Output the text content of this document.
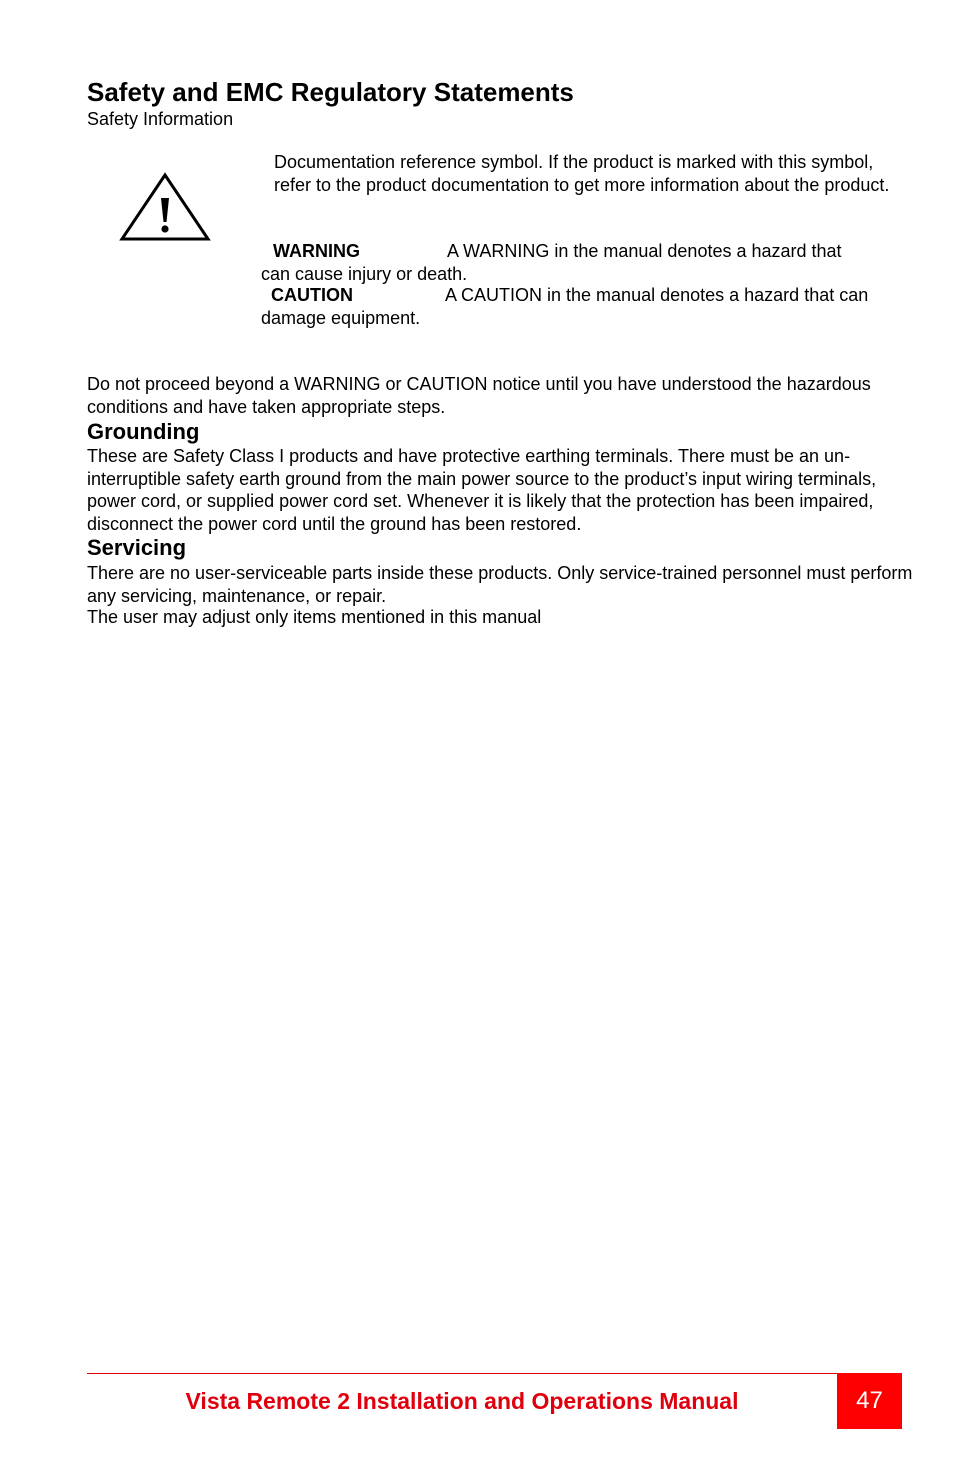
Safety and EMC Regulatory Statements
Safety Information
Documentation reference symbol. If the product is marked with this symbol, refer to the product documentation to get more information about the product.
WARNING	A WARNING in the manual denotes a hazard that
can cause injury or death.
CAUTION	A CAUTION in the manual denotes a hazard that can
damage equipment.
Do not proceed beyond a WARNING or CAUTION notice until you have understood the hazardous conditions and have taken appropriate steps.
Grounding
These are Safety Class I products and have protective earthing terminals. There must be an un-interruptible safety earth ground from the main power source to the product’s input wiring terminals, power cord, or supplied power cord set. Whenever it is likely that the protection has been impaired, disconnect the power cord until the ground has been restored.
Servicing
There are no user-serviceable parts inside these products. Only service-trained personnel must perform any servicing, maintenance, or repair.
The user may adjust only items mentioned in this manual
Vista Remote 2 Installation and Operations Manual	47
